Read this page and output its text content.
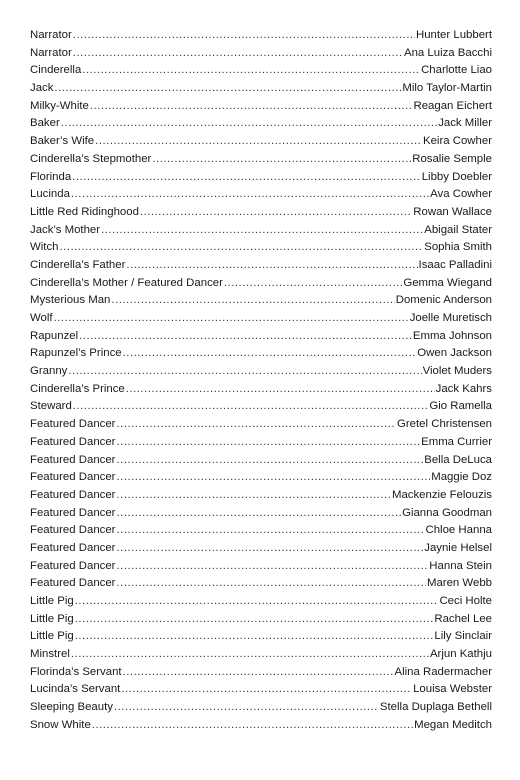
Narrator .....	Hunter Lubbert
Narrator .....	Ana Luiza Bacchi
Cinderella .....	Charlotte Liao
Jack .....	Milo Taylor-Martin
Milky-White .....	Reagan Eichert
Baker .....	Jack Miller
Baker’s Wife .....	Keira Cowher
Cinderella’s Stepmother .....	Rosalie Semple
Florinda .....	Libby Doebler
Lucinda .....	Ava Cowher
Little Red Ridinghood .....	Rowan Wallace
Jack’s Mother .....	Abigail Stater
Witch .....	Sophia Smith
Cinderella’s Father .....	Isaac Palladini
Cinderella’s Mother / Featured Dancer .....	Gemma Wiegand
Mysterious Man .....	Domenic Anderson
Wolf .....	Joelle Muretisch
Rapunzel .....	Emma Johnson
Rapunzel’s Prince .....	Owen Jackson
Granny .....	Violet Muders
Cinderella’s Prince .....	Jack Kahrs
Steward .....	Gio Ramella
Featured Dancer .....	Gretel Christensen
Featured Dancer .....	Emma Currier
Featured Dancer .....	Bella DeLuca
Featured Dancer .....	Maggie Doz
Featured Dancer .....	Mackenzie Felouzis
Featured Dancer .....	Gianna Goodman
Featured Dancer .....	Chloe Hanna
Featured Dancer .....	Jaynie Helsel
Featured Dancer .....	Hanna Stein
Featured Dancer .....	Maren Webb
Little Pig .....	Ceci Holte
Little Pig .....	Rachel Lee
Little Pig .....	Lily Sinclair
Minstrel .....	Arjun Kathju
Florinda’s Servant .....	Alina Radermacher
Lucinda’s Servant .....	Louisa Webster
Sleeping Beauty .....	Stella Duplaga Bethell
Snow White .....	Megan Meditch
